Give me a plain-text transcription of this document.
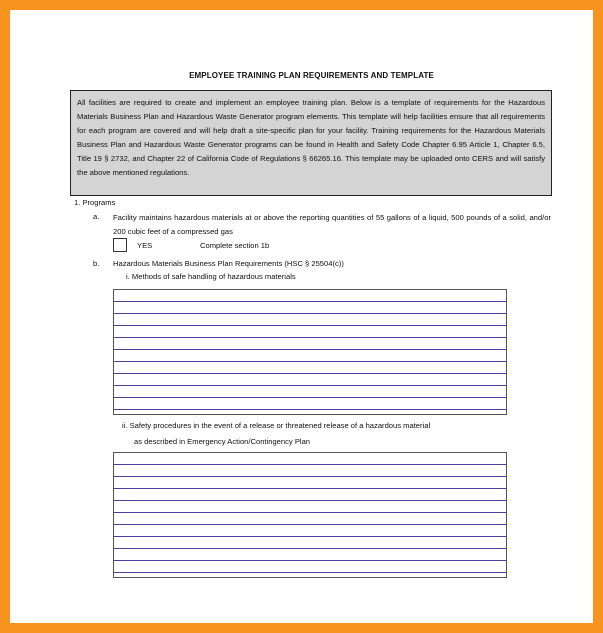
EMPLOYEE TRAINING PLAN REQUIREMENTS AND TEMPLATE
All facilities are required to create and implement an employee training plan. Below is a template of requirements for the Hazardous Materials Business Plan and Hazardous Waste Generator program elements. This template will help facilities ensure that all requirements for each program are covered and will help draft a site-specific plan for your facility. Training requirements for the Hazardous Materials Business Plan and Hazardous Waste Generator programs can be found in Health and Safety Code Chapter 6.95 Article 1, Chapter 6.5, Title 19 § 2732, and Chapter 22 of California Code of Regulations § 66265.16. This template may be uploaded onto CERS and will satisfy the above mentioned regulations.
1. Programs
a. Facility maintains hazardous materials at or above the reporting quantities of 55 gallons of a liquid, 500 pounds of a solid, and/or 200 cubic feet of a compressed gas
YES	Complete section 1b
b. Hazardous Materials Business Plan Requirements (HSC § 25504(c))
i. Methods of safe handling of hazardous materials
ii. Safety procedures in the event of a release or threatened release of a hazardous material
as described in Emergency Action/Contingency Plan
